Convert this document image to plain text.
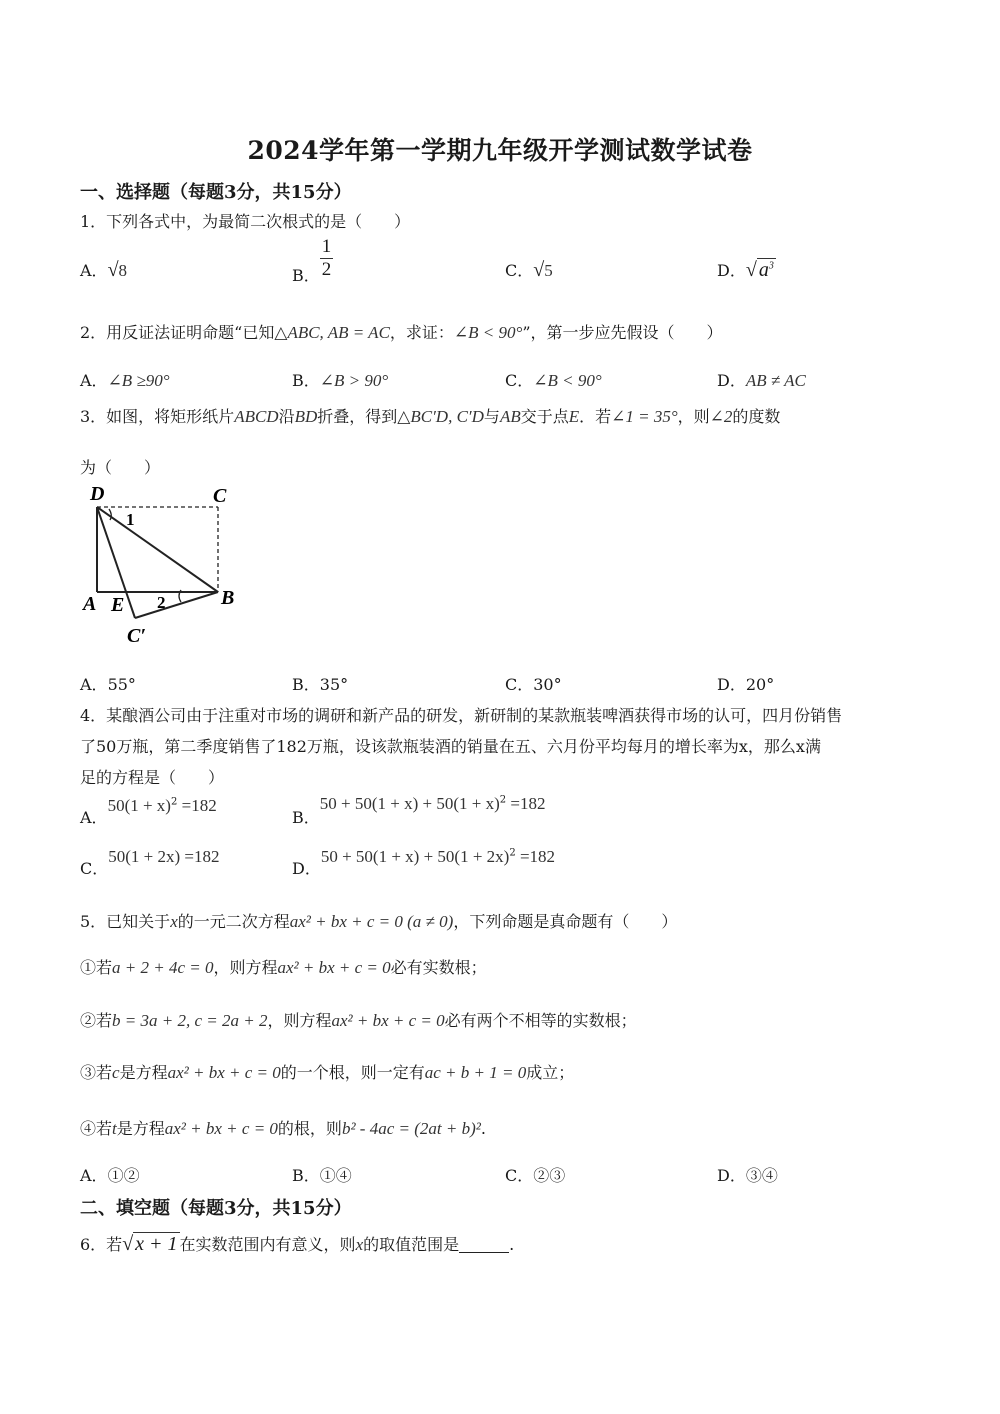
2024学年第一学期九年级开学测试数学试卷
一、选择题（每题3分，共15分）
1．下列各式中，为最简二次根式的是（　　）
A．√8	B． $\frac{1}{2}$	C．√5	D．√ $a^3$
2．用反证法证明命题“已知△ABC, AB = AC，求证：∠B < 90°”，第一步应先假设（　　）
A．∠B ≥90°	B．∠B > 90°	C．∠B < 90°	D．AB ≠ AC
3．如图，将矩形纸片ABCD沿BD折叠，得到△BC′D, C′D与AB交于点E．若∠1 = 35°，则∠2的度数
为（　　）
D	C
A E	B
C′
1
2
A．55°	B．35°	C．30°	D．20°
4．某酿酒公司由于注重对市场的调研和新产品的研发，新研制的某款瓶装啤酒获得市场的认可，四月份销售
了50万瓶，第二季度销售了182万瓶，设该款瓶装酒的销量在五、六月份平均每月的增长率为x，那么x满
足的方程是（　　）
A．$50(1 + x)^2 =182$
B．$50 + 50(1 + x) + 50(1 + x)^2 =182$
C．50(1 + 2x) =182
D．$50 + 50(1 + x) + 50(1 + 2x)^2 =182$
5．已知关于x的一元二次方程ax² + bx + c = 0 (a ≠ 0)，下列命题是真命题有（　　）
①若a + 2 + 4c = 0，则方程ax² + bx + c = 0必有实数根；
②若b = 3a + 2, c = 2a + 2，则方程ax² + bx + c = 0必有两个不相等的实数根；
③若c是方程ax² + bx + c = 0的一个根，则一定有ac + b + 1 = 0成立；
④若t是方程ax² + bx + c = 0的根，则b² - 4ac = (2at + b)².
A．①②	B．①④	C．②③	D．③④
二、填空题（每题3分，共15分）
6．若√ x + 1 在实数范围内有意义，则x的取值范围是	.
